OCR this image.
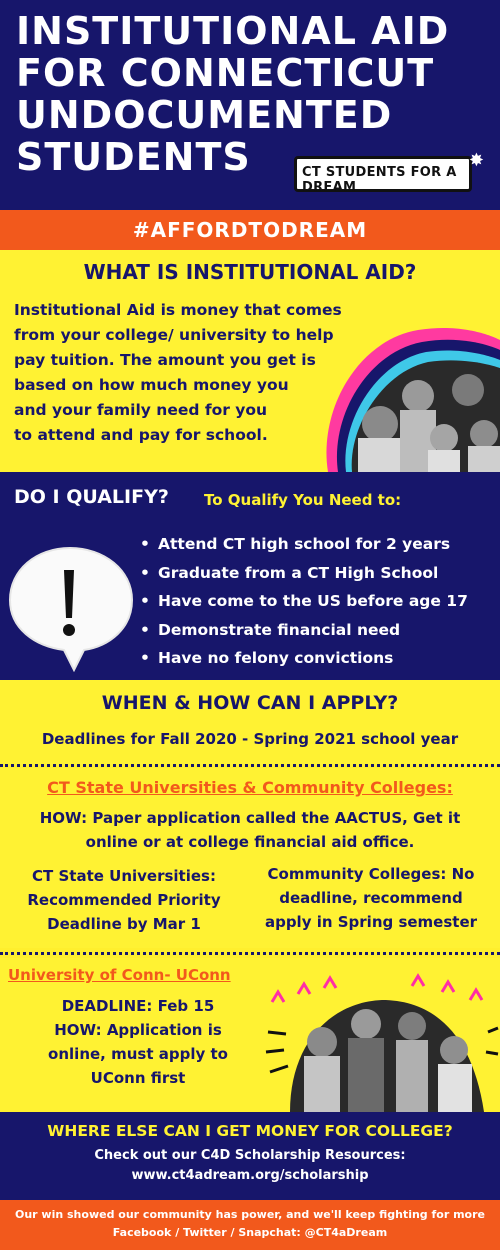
INSTITUTIONAL AID
FOR CONNECTICUT
UNDOCUMENTED
STUDENTS	CT STUDENTS FOR A DREAM
✸
#AFFORDTODREAM
WHAT IS INSTITUTIONAL AID?
Institutional Aid is money that comes
from your college/ university to help
pay tuition. The amount you get is
based on how much money you
and your family need for you
to attend and pay for school.
DO I QUALIFY? To Qualify You Need to:
• Attend CT high school for 2 years
• Graduate from a CT High School
• Have come to the US before age 17
• Demonstrate financial need
• Have no felony convictions
WHEN & HOW CAN I APPLY?
Deadlines for Fall 2020 - Spring 2021 school year
CT State Universities & Community Colleges:
HOW: Paper application called the AACTUS, Get it
online or at college financial aid office.
CT State Universities:
Recommended Priority
Deadline by Mar 1
Community Colleges: No
deadline, recommend
apply in Spring semester
University of Conn- UConn
DEADLINE: Feb 15
HOW: Application is
online, must apply to
UConn first
WHERE ELSE CAN I GET MONEY FOR COLLEGE?
Check out our C4D Scholarship Resources:
www.ct4adream.org/scholarship
Our win showed our community has power, and we'll keep fighting for more
Facebook / Twitter / Snapchat: @CT4aDream
